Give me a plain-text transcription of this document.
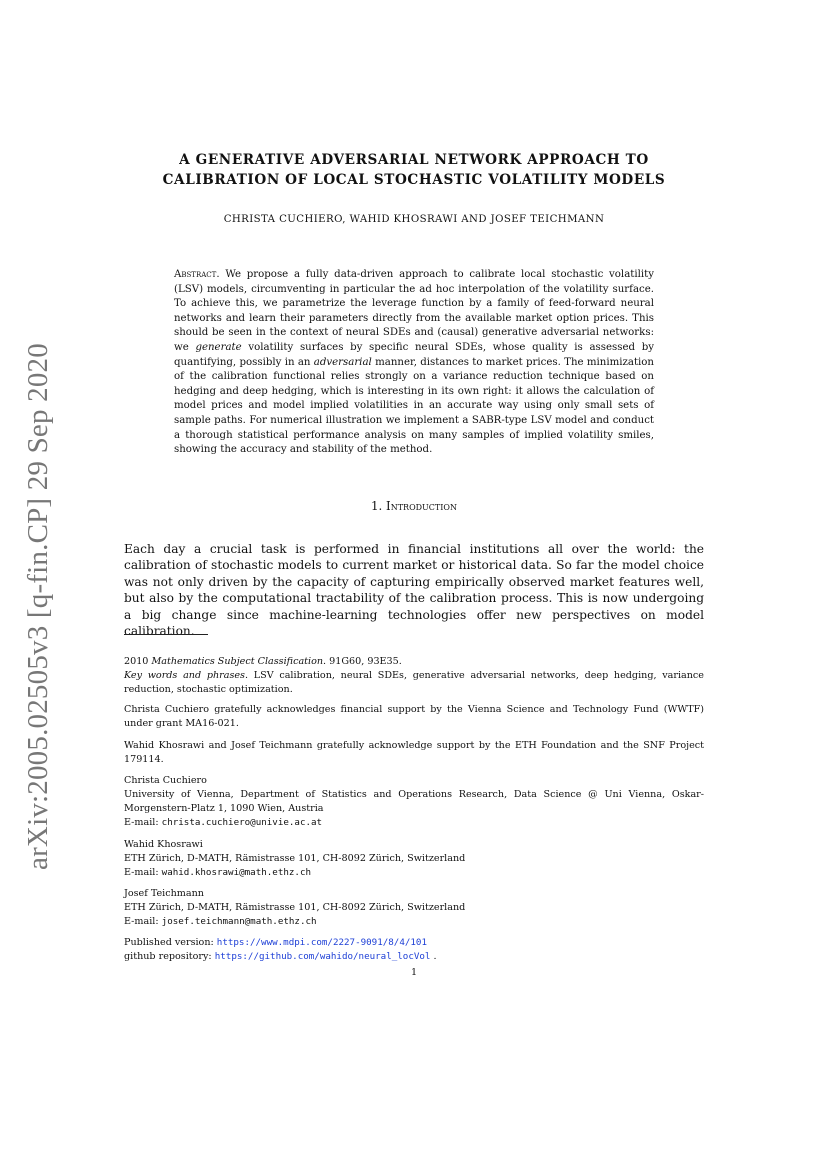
arXiv:2005.02505v3 [q-fin.CP] 29 Sep 2020
A GENERATIVE ADVERSARIAL NETWORK APPROACH TO
CALIBRATION OF LOCAL STOCHASTIC VOLATILITY MODELS
CHRISTA CUCHIERO, WAHID KHOSRAWI AND JOSEF TEICHMANN
Abstract. We propose a fully data-driven approach to calibrate local stochastic volatility (LSV) models, circumventing in particular the ad hoc interpolation of the volatility surface. To achieve this, we parametrize the leverage function by a family of feed-forward neural networks and learn their parameters directly from the available market option prices. This should be seen in the context of neural SDEs and (causal) generative adversarial networks: we generate volatility surfaces by specific neural SDEs, whose quality is assessed by quantifying, possibly in an adversarial manner, distances to market prices. The minimization of the calibration functional relies strongly on a variance reduction technique based on hedging and deep hedging, which is interesting in its own right: it allows the calculation of model prices and model implied volatilities in an accurate way using only small sets of sample paths. For numerical illustration we implement a SABR-type LSV model and conduct a thorough statistical performance analysis on many samples of implied volatility smiles, showing the accuracy and stability of the method.
1. Introduction
Each day a crucial task is performed in financial institutions all over the world: the calibration of stochastic models to current market or historical data. So far the model choice was not only driven by the capacity of capturing empirically observed market features well, but also by the computational tractability of the calibration process. This is now undergoing a big change since machine-learning technologies offer new perspectives on model calibration.
2010 Mathematics Subject Classification. 91G60, 93E35.
Key words and phrases. LSV calibration, neural SDEs, generative adversarial networks, deep hedging, variance reduction, stochastic optimization.
Christa Cuchiero gratefully acknowledges financial support by the Vienna Science and Technology Fund (WWTF) under grant MA16-021.
Wahid Khosrawi and Josef Teichmann gratefully acknowledge support by the ETH Foundation and the SNF Project 179114.
Christa Cuchiero
University of Vienna, Department of Statistics and Operations Research, Data Science @ Uni Vienna, Oskar-Morgenstern-Platz 1, 1090 Wien, Austria
E-mail: christa.cuchiero@univie.ac.at
Wahid Khosrawi
ETH Zürich, D-MATH, Rämistrasse 101, CH-8092 Zürich, Switzerland
E-mail: wahid.khosrawi@math.ethz.ch
Josef Teichmann
ETH Zürich, D-MATH, Rämistrasse 101, CH-8092 Zürich, Switzerland
E-mail: josef.teichmann@math.ethz.ch
Published version: https://www.mdpi.com/2227-9091/8/4/101
github repository: https://github.com/wahido/neural_locVol .
1
